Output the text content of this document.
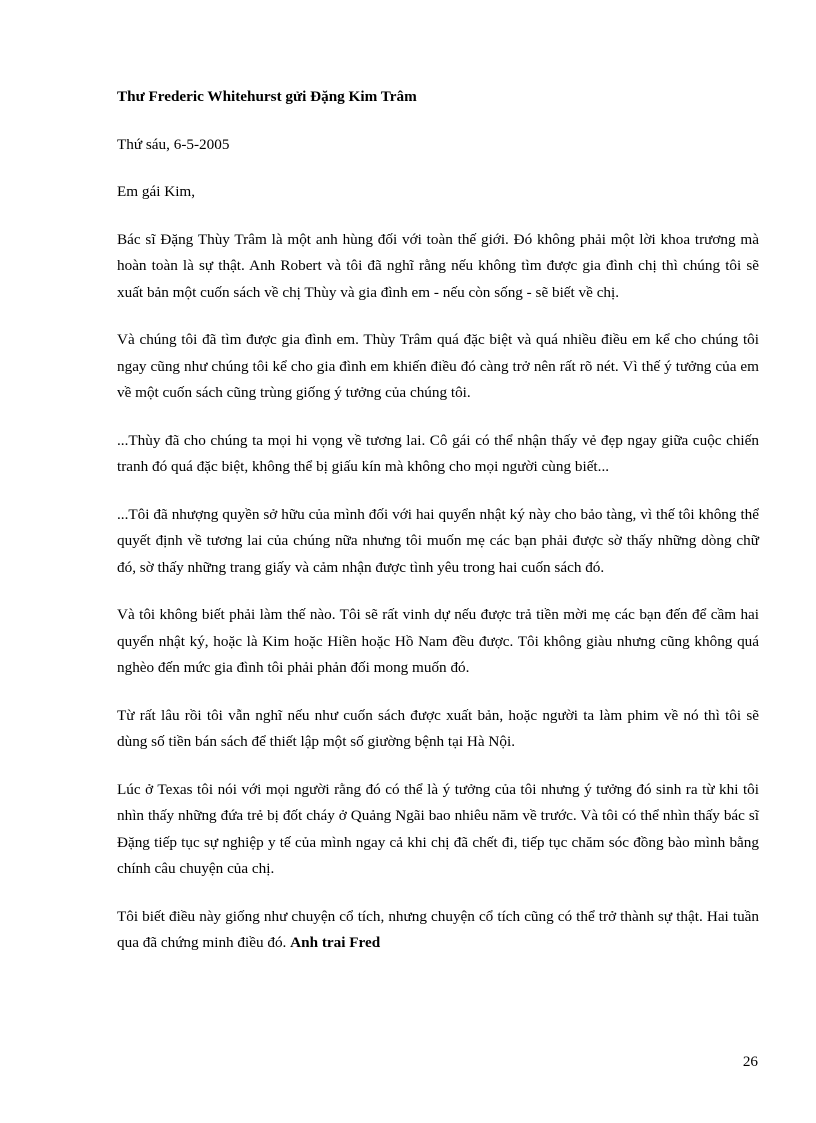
Thư Frederic Whitehurst gửi Đặng Kim Trâm

Thứ sáu, 6-5-2005

Em gái Kim,

Bác sĩ Đặng Thùy Trâm là một anh hùng đối với toàn thế giới. Đó không phải một lời khoa trương mà hoàn toàn là sự thật. Anh Robert và tôi đã nghĩ rằng nếu không tìm được gia đình chị thì chúng tôi sẽ xuất bản một cuốn sách về chị Thùy và gia đình em - nếu còn sống - sẽ biết về chị.

Và chúng tôi đã tìm được gia đình em. Thùy Trâm quá đặc biệt và quá nhiều điều em kể cho chúng tôi ngay cũng như chúng tôi kể cho gia đình em khiến điều đó càng trở nên rất rõ nét. Vì thế ý tưởng của em về một cuốn sách cũng trùng giống ý tưởng của chúng tôi.

...Thùy đã cho chúng ta mọi hi vọng về tương lai. Cô gái có thể nhận thấy vẻ đẹp ngay giữa cuộc chiến tranh đó quá đặc biệt, không thể bị giấu kín mà không cho mọi người cùng biết...

...Tôi đã nhượng quyền sở hữu của mình đối với hai quyển nhật ký này cho bảo tàng, vì thế tôi không thể quyết định về tương lai của chúng nữa nhưng tôi muốn mẹ các bạn phải được sờ thấy những dòng chữ đó, sờ thấy những trang giấy và cảm nhận được tình yêu trong hai cuốn sách đó.

Và tôi không biết phải làm thế nào. Tôi sẽ rất vinh dự nếu được trả tiền mời mẹ các bạn đến để cầm hai quyển nhật ký, hoặc là Kim hoặc Hiền hoặc Hồ Nam đều được. Tôi không giàu nhưng cũng không quá nghèo đến mức gia đình tôi phải phản đối mong muốn đó.

Từ rất lâu rồi tôi vẫn nghĩ nếu như cuốn sách được xuất bản, hoặc người ta làm phim về nó thì tôi sẽ dùng số tiền bán sách để thiết lập một số giường bệnh tại Hà Nội.

Lúc ở Texas tôi nói với mọi người rằng đó có thể là ý tưởng của tôi nhưng ý tưởng đó sinh ra từ khi tôi nhìn thấy những đứa trẻ bị đốt cháy ở Quảng Ngãi bao nhiêu năm về trước. Và tôi có thể nhìn thấy bác sĩ Đặng tiếp tục sự nghiệp y tế của mình ngay cả khi chị đã chết đi, tiếp tục chăm sóc đồng bào mình bằng chính câu chuyện của chị.

Tôi biết điều này giống như chuyện cổ tích, nhưng chuyện cổ tích cũng có thể trở thành sự thật. Hai tuần qua đã chứng minh điều đó. Anh trai Fred

26
